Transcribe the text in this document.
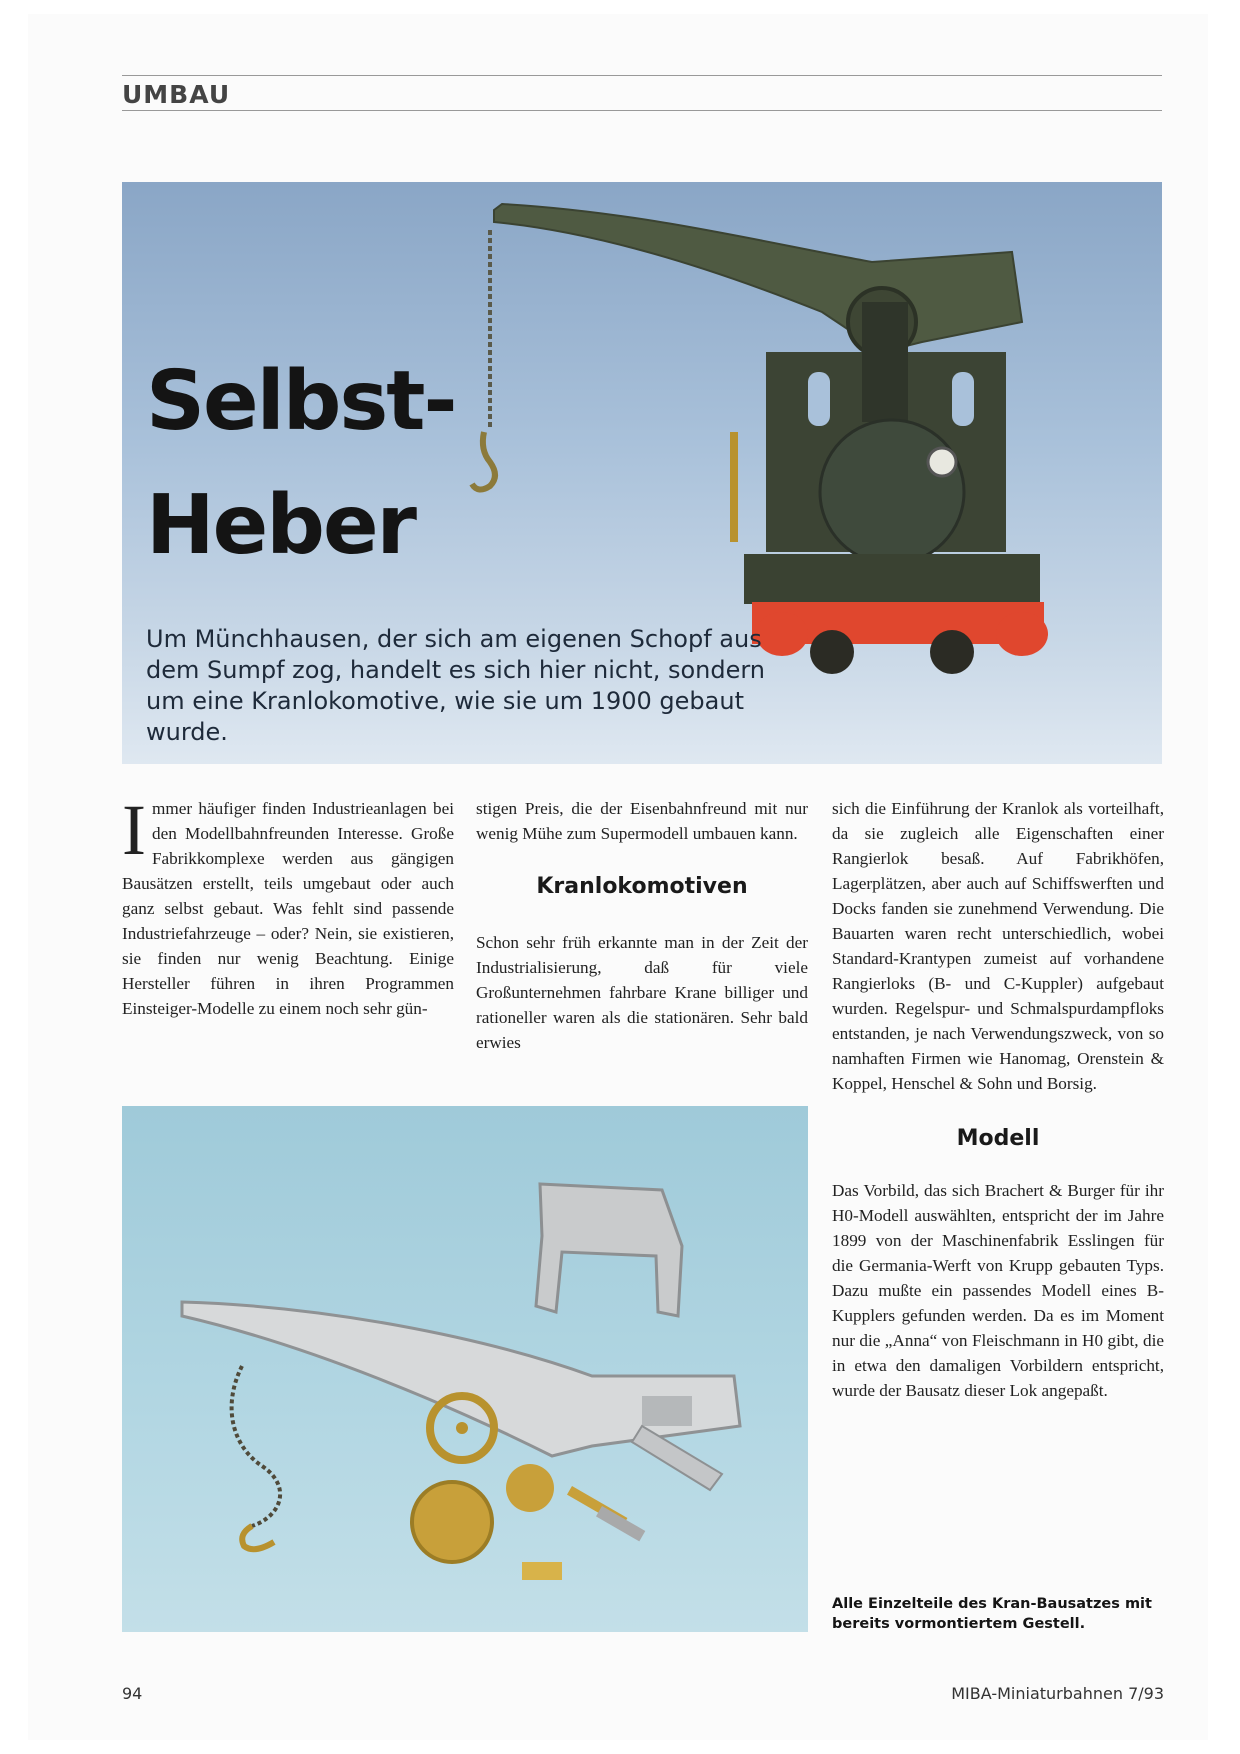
UMBAU
Selbst-
Heber
Um Münchhausen, der sich am eigenen Schopf aus dem Sumpf zog, handelt es sich hier nicht, sondern um eine Kranlokomotive, wie sie um 1900 gebaut wurde.
Immer häufiger finden Industrieanlagen bei den Modellbahnfreunden Interesse. Große Fabrikkomplexe werden aus gängigen Bausätzen erstellt, teils umgebaut oder auch ganz selbst gebaut. Was fehlt sind passende Industriefahrzeuge – oder? Nein, sie existieren, sie finden nur wenig Beachtung. Einige Hersteller führen in ihren Programmen Einsteiger-Modelle zu einem noch sehr gün-
stigen Preis, die der Eisenbahnfreund mit nur wenig Mühe zum Supermodell umbauen kann.
Kranlokomotiven
Schon sehr früh erkannte man in der Zeit der Industrialisierung, daß für viele Großunternehmen fahrbare Krane billiger und rationeller waren als die stationären. Sehr bald erwies
sich die Einführung der Kranlok als vorteilhaft, da sie zugleich alle Eigenschaften einer Rangierlok besaß. Auf Fabrikhöfen, Lagerplätzen, aber auch auf Schiffswerften und Docks fanden sie zunehmend Verwendung. Die Bauarten waren recht unterschiedlich, wobei Standard-Krantypen zumeist auf vorhandene Rangierloks (B- und C-Kuppler) aufgebaut wurden. Regelspur- und Schmalspurdampfloks entstanden, je nach Verwendungszweck, von so namhaften Firmen wie Hanomag, Orenstein & Koppel, Henschel & Sohn und Borsig.
Modell
Das Vorbild, das sich Brachert & Burger für ihr H0-Modell auswählten, entspricht der im Jahre 1899 von der Maschinenfabrik Esslingen für die Germania-Werft von Krupp gebauten Typs. Dazu mußte ein passendes Modell eines B-Kupplers gefunden werden. Da es im Moment nur die „Anna“ von Fleischmann in H0 gibt, die in etwa den damaligen Vorbildern entspricht, wurde der Bausatz dieser Lok angepaßt.
Alle Einzelteile des Kran-Bausatzes mit bereits vormontiertem Gestell.
94	MIBA-Miniaturbahnen 7/93
